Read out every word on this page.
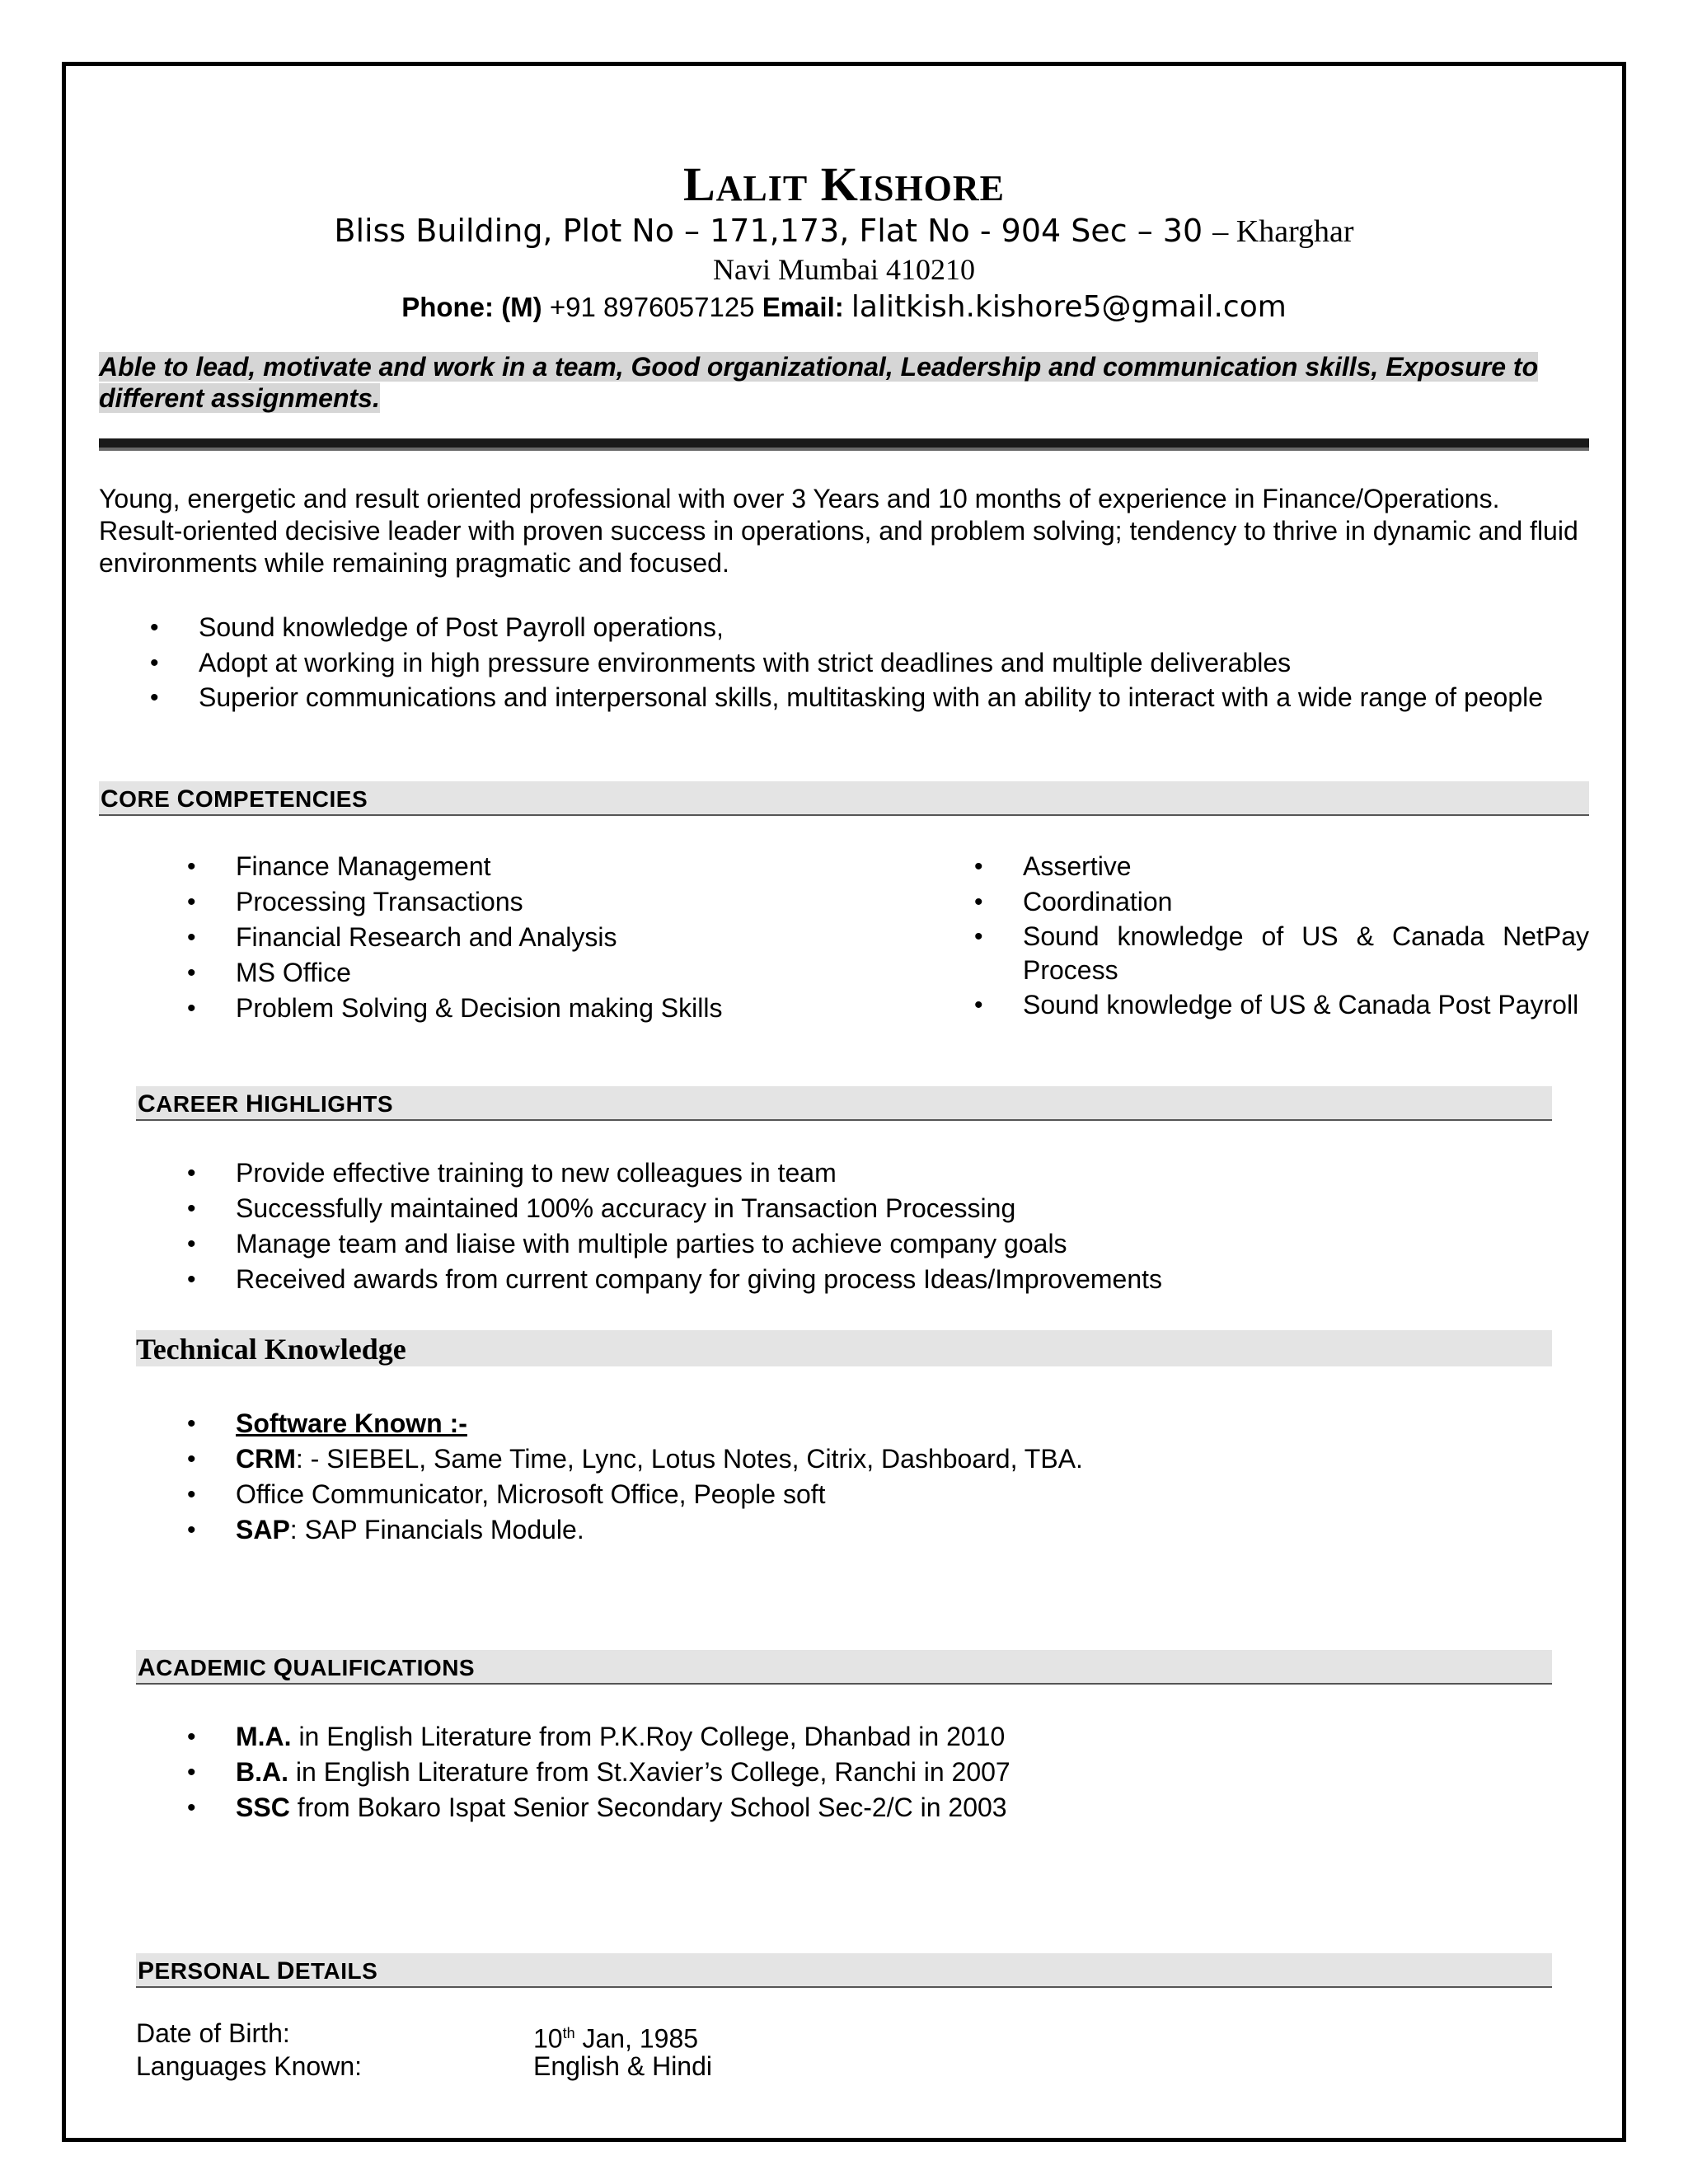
LALIT KISHORE
Bliss Building, Plot No – 171,173, Flat No - 904 Sec – 30 – Kharghar
Navi Mumbai 410210
Phone: (M) +91 8976057125 Email: lalitkish.kishore5@gmail.com
Able to lead, motivate and work in a team, Good organizational, Leadership and communication skills, Exposure to different assignments.
Young, energetic and result oriented professional with over 3 Years and 10 months of experience in Finance/Operations. Result-oriented decisive leader with proven success in operations, and problem solving; tendency to thrive in dynamic and fluid environments while remaining pragmatic and focused.
• Sound knowledge of Post Payroll operations,
• Adopt at working in high pressure environments with strict deadlines and multiple deliverables
• Superior communications and interpersonal skills, multitasking with an ability to interact with a wide range of people
CORE COMPETENCIES
• Finance Management
• Processing Transactions
• Financial Research and Analysis
• MS Office
• Problem Solving & Decision making Skills
• Assertive
• Coordination
• Sound knowledge of US & Canada NetPay Process
• Sound knowledge of US & Canada Post Payroll
CAREER HIGHLIGHTS
• Provide effective training to new colleagues in team
• Successfully maintained 100% accuracy in Transaction Processing
• Manage team and liaise with multiple parties to achieve company goals
• Received awards from current company for giving process Ideas/Improvements
Technical Knowledge
• Software Known :-
• CRM: - SIEBEL, Same Time, Lync, Lotus Notes, Citrix, Dashboard, TBA.
• Office Communicator, Microsoft Office, People soft
• SAP: SAP Financials Module.
ACADEMIC QUALIFICATIONS
• M.A. in English Literature from P.K.Roy College, Dhanbad in 2010
• B.A. in English Literature from St.Xavier’s College, Ranchi in 2007
• SSC from Bokaro Ispat Senior Secondary School Sec-2/C in 2003
PERSONAL DETAILS
Date of Birth:	10th Jan, 1985
Languages Known:	English & Hindi
